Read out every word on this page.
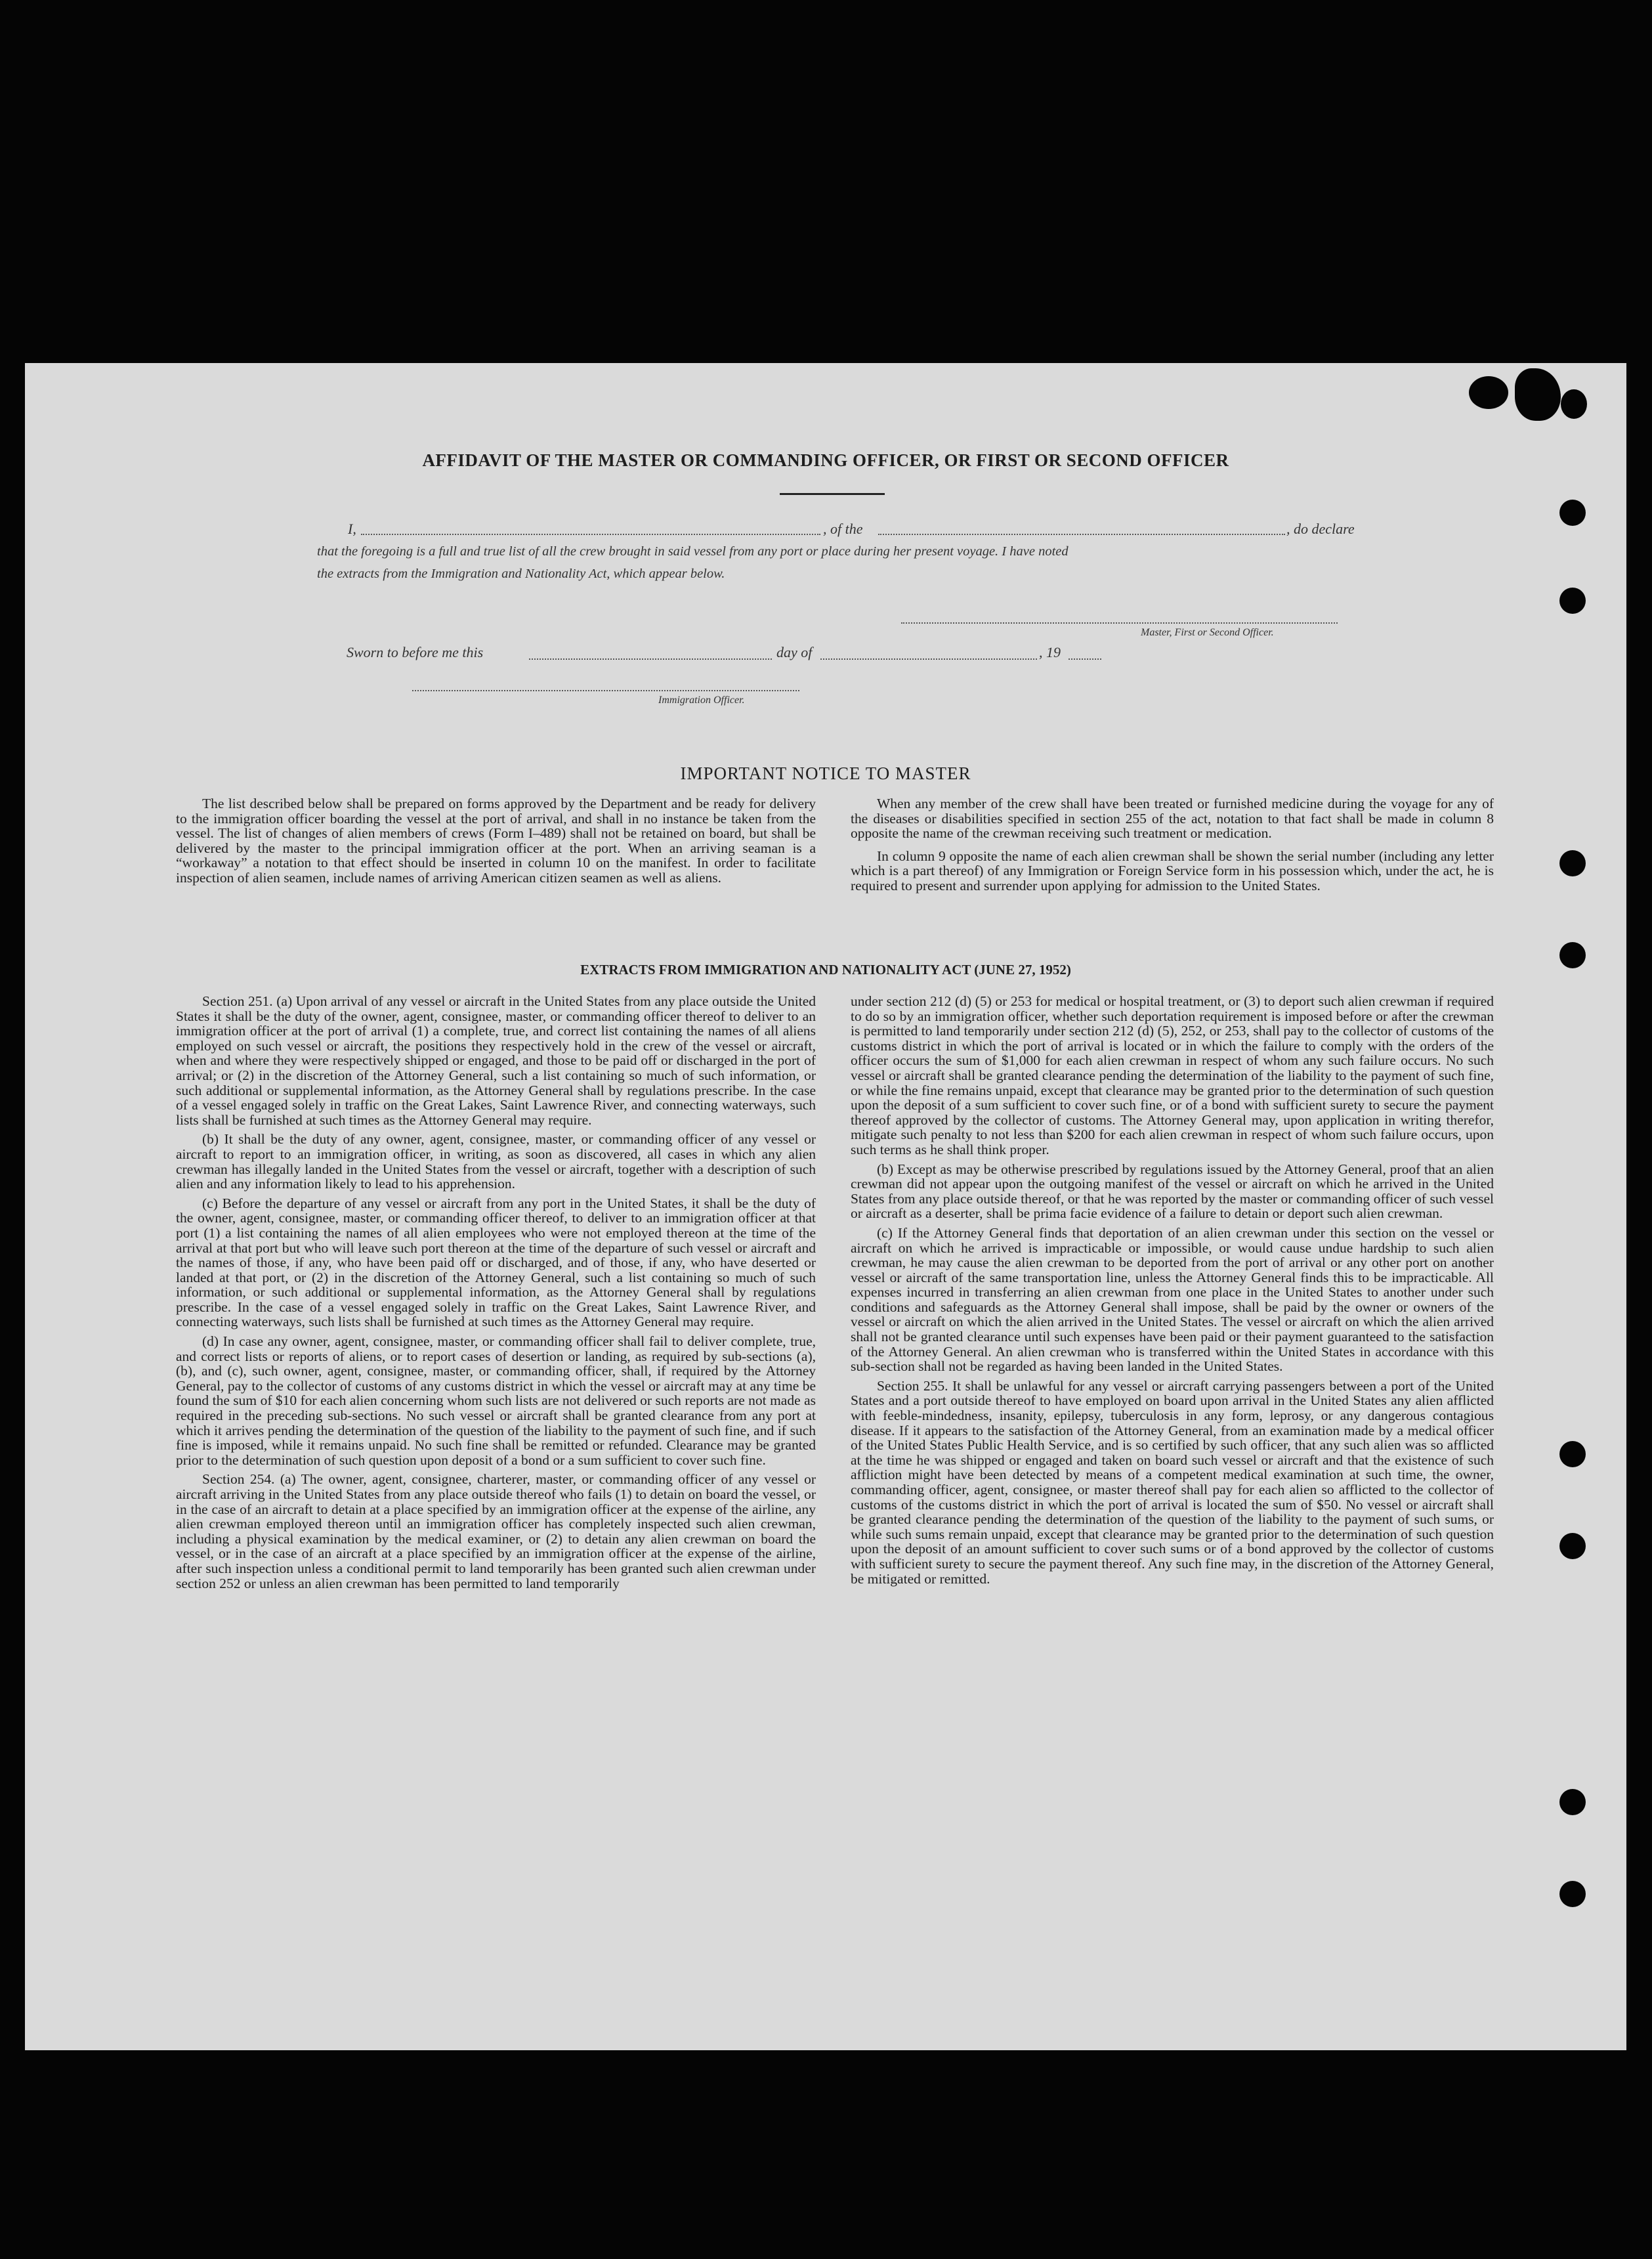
AFFIDAVIT OF THE MASTER OR COMMANDING OFFICER, OR FIRST OR SECOND OFFICER
I,	, of the	, do declare
that the foregoing is a full and true list of all the crew brought in said vessel from any port or place during her present voyage. I have noted
the extracts from the Immigration and Nationality Act, which appear below.
Master, First or Second Officer.
Sworn to before me this	day of	, 19
Immigration Officer.
IMPORTANT NOTICE TO MASTER

The list described below shall be prepared on forms approved by the Department and be ready for delivery to the immigration officer boarding the vessel at the port of arrival, and shall in no instance be taken from the vessel. The list of changes of alien members of crews (Form I–489) shall not be retained on board, but shall be delivered by the master to the principal immigration officer at the port. When an arriving seaman is a “workaway” a notation to that effect should be inserted in column 10 on the manifest. In order to facilitate inspection of alien seamen, include names of arriving American citizen seamen as well as aliens.

When any member of the crew shall have been treated or furnished medicine during the voyage for any of the diseases or disabilities specified in section 255 of the act, notation to that fact shall be made in column 8 opposite the name of the crewman receiving such treatment or medication.

In column 9 opposite the name of each alien crewman shall be shown the serial number (including any letter which is a part thereof) of any Immigration or Foreign Service form in his possession which, under the act, he is required to present and surrender upon applying for admission to the United States.

EXTRACTS FROM IMMIGRATION AND NATIONALITY ACT (JUNE 27, 1952)

Section 251. (a) Upon arrival of any vessel or aircraft in the United States from any place outside the United States it shall be the duty of the owner, agent, consignee, master, or commanding officer thereof to deliver to an immigration officer at the port of arrival (1) a complete, true, and correct list containing the names of all aliens employed on such vessel or aircraft, the positions they respectively hold in the crew of the vessel or aircraft, when and where they were respectively shipped or engaged, and those to be paid off or discharged in the port of arrival; or (2) in the discretion of the Attorney General, such a list containing so much of such information, or such additional or supplemental information, as the Attorney General shall by regulations prescribe. In the case of a vessel engaged solely in traffic on the Great Lakes, Saint Lawrence River, and connecting waterways, such lists shall be furnished at such times as the Attorney General may require.

(b) It shall be the duty of any owner, agent, consignee, master, or commanding officer of any vessel or aircraft to report to an immigration officer, in writing, as soon as discovered, all cases in which any alien crewman has illegally landed in the United States from the vessel or aircraft, together with a description of such alien and any information likely to lead to his apprehension.

(c) Before the departure of any vessel or aircraft from any port in the United States, it shall be the duty of the owner, agent, consignee, master, or commanding officer thereof, to deliver to an immigration officer at that port (1) a list containing the names of all alien employees who were not employed thereon at the time of the arrival at that port but who will leave such port thereon at the time of the departure of such vessel or aircraft and the names of those, if any, who have been paid off or discharged, and of those, if any, who have deserted or landed at that port, or (2) in the discretion of the Attorney General, such a list containing so much of such information, or such additional or supplemental information, as the Attorney General shall by regulations prescribe. In the case of a vessel engaged solely in traffic on the Great Lakes, Saint Lawrence River, and connecting waterways, such lists shall be furnished at such times as the Attorney General may require.

(d) In case any owner, agent, consignee, master, or commanding officer shall fail to deliver complete, true, and correct lists or reports of aliens, or to report cases of desertion or landing, as required by sub-sections (a), (b), and (c), such owner, agent, consignee, master, or commanding officer, shall, if required by the Attorney General, pay to the collector of customs of any customs district in which the vessel or aircraft may at any time be found the sum of $10 for each alien concerning whom such lists are not delivered or such reports are not made as required in the preceding sub-sections. No such vessel or aircraft shall be granted clearance from any port at which it arrives pending the determination of the question of the liability to the payment of such fine, and if such fine is imposed, while it remains unpaid. No such fine shall be remitted or refunded. Clearance may be granted prior to the determination of such question upon deposit of a bond or a sum sufficient to cover such fine.

Section 254. (a) The owner, agent, consignee, charterer, master, or commanding officer of any vessel or aircraft arriving in the United States from any place outside thereof who fails (1) to detain on board the vessel, or in the case of an aircraft to detain at a place specified by an immigration officer at the expense of the airline, any alien crewman employed thereon until an immigration officer has completely inspected such alien crewman, including a physical examination by the medical examiner, or (2) to detain any alien crewman on board the vessel, or in the case of an aircraft at a place specified by an immigration officer at the expense of the airline, after such inspection unless a conditional permit to land temporarily has been granted such alien crewman under section 252 or unless an alien crewman has been permitted to land temporarily

under section 212 (d) (5) or 253 for medical or hospital treatment, or (3) to deport such alien crewman if required to do so by an immigration officer, whether such deportation requirement is imposed before or after the crewman is permitted to land temporarily under section 212 (d) (5), 252, or 253, shall pay to the collector of customs of the customs district in which the port of arrival is located or in which the failure to comply with the orders of the officer occurs the sum of $1,000 for each alien crewman in respect of whom any such failure occurs. No such vessel or aircraft shall be granted clearance pending the determination of the liability to the payment of such fine, or while the fine remains unpaid, except that clearance may be granted prior to the determination of such question upon the deposit of a sum sufficient to cover such fine, or of a bond with sufficient surety to secure the payment thereof approved by the collector of customs. The Attorney General may, upon application in writing therefor, mitigate such penalty to not less than $200 for each alien crewman in respect of whom such failure occurs, upon such terms as he shall think proper.

(b) Except as may be otherwise prescribed by regulations issued by the Attorney General, proof that an alien crewman did not appear upon the outgoing manifest of the vessel or aircraft on which he arrived in the United States from any place outside thereof, or that he was reported by the master or commanding officer of such vessel or aircraft as a deserter, shall be prima facie evidence of a failure to detain or deport such alien crewman.

(c) If the Attorney General finds that deportation of an alien crewman under this section on the vessel or aircraft on which he arrived is impracticable or impossible, or would cause undue hardship to such alien crewman, he may cause the alien crewman to be deported from the port of arrival or any other port on another vessel or aircraft of the same transportation line, unless the Attorney General finds this to be impracticable. All expenses incurred in transferring an alien crewman from one place in the United States to another under such conditions and safeguards as the Attorney General shall impose, shall be paid by the owner or owners of the vessel or aircraft on which the alien arrived in the United States. The vessel or aircraft on which the alien arrived shall not be granted clearance until such expenses have been paid or their payment guaranteed to the satisfaction of the Attorney General. An alien crewman who is transferred within the United States in accordance with this sub-section shall not be regarded as having been landed in the United States.

Section 255. It shall be unlawful for any vessel or aircraft carrying passengers between a port of the United States and a port outside thereof to have employed on board upon arrival in the United States any alien afflicted with feeble-mindedness, insanity, epilepsy, tuberculosis in any form, leprosy, or any dangerous contagious disease. If it appears to the satisfaction of the Attorney General, from an examination made by a medical officer of the United States Public Health Service, and is so certified by such officer, that any such alien was so afflicted at the time he was shipped or engaged and taken on board such vessel or aircraft and that the existence of such affliction might have been detected by means of a competent medical examination at such time, the owner, commanding officer, agent, consignee, or master thereof shall pay for each alien so afflicted to the collector of customs of the customs district in which the port of arrival is located the sum of $50. No vessel or aircraft shall be granted clearance pending the determination of the question of the liability to the payment of such sums, or while such sums remain unpaid, except that clearance may be granted prior to the determination of such question upon the deposit of an amount sufficient to cover such sums or of a bond approved by the collector of customs with sufficient surety to secure the payment thereof. Any such fine may, in the discretion of the Attorney General, be mitigated or remitted.
